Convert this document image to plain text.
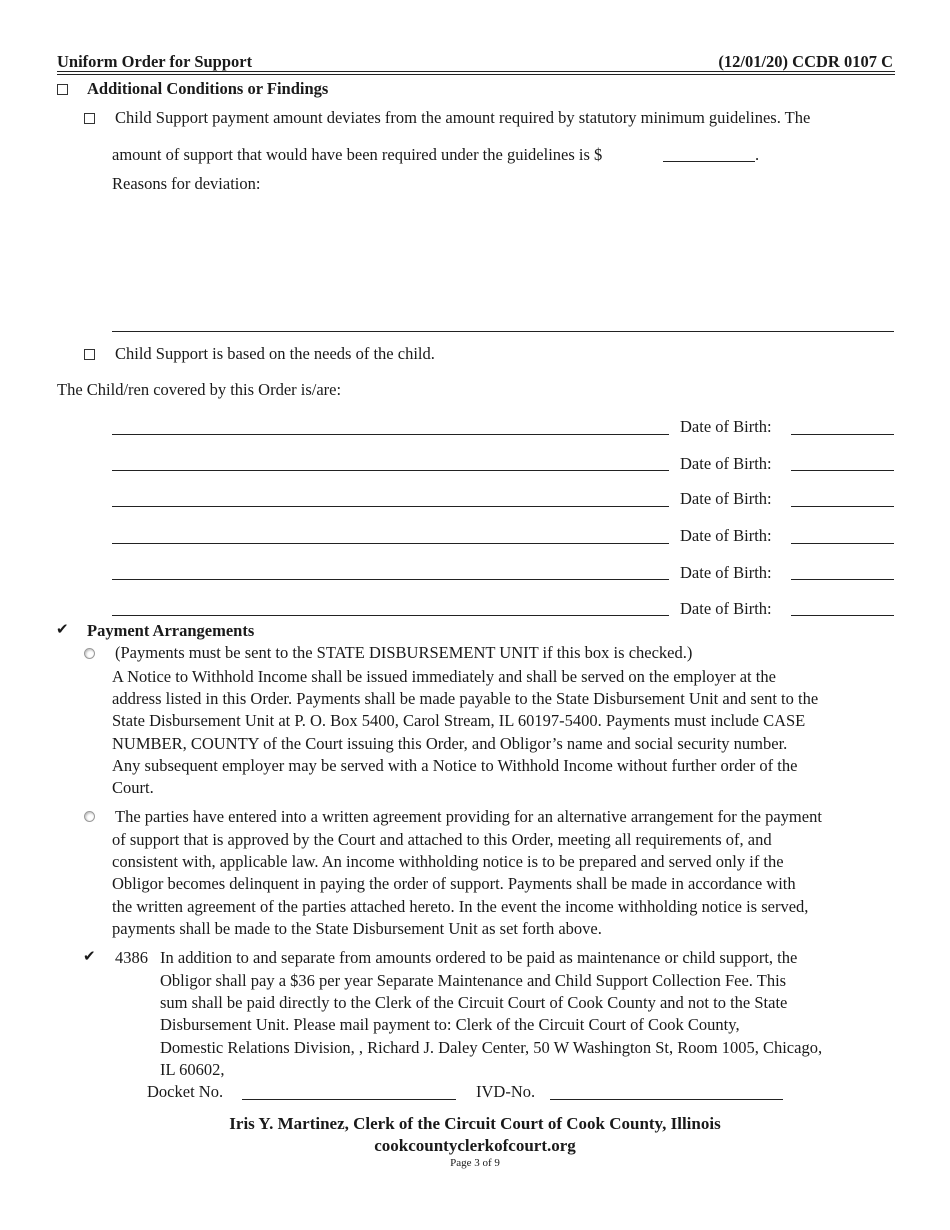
Uniform Order for Support	(12/01/20) CCDR 0107 C
Additional Conditions or Findings
Child Support payment amount deviates from the amount required by statutory minimum guidelines. The
amount of support that would have been required under the guidelines is $	.
Reasons for deviation:
Child Support is based on the needs of the child.
The Child/ren covered by this Order is/are:
Date of Birth:
Date of Birth:
Date of Birth:
Date of Birth:
Date of Birth:
Date of Birth:
✔ Payment Arrangements
(Payments must be sent to the STATE DISBURSEMENT UNIT if this box is checked.)
A Notice to Withhold Income shall be issued immediately and shall be served on the employer at the
address listed in this Order. Payments shall be made payable to the State Disbursement Unit and sent to the
State Disbursement Unit at P. O. Box 5400, Carol Stream, IL 60197-5400. Payments must include CASE
NUMBER, COUNTY of the Court issuing this Order, and Obligor’s name and social security number.
Any subsequent employer may be served with a Notice to Withhold Income without further order of the
Court.
The parties have entered into a written agreement providing for an alternative arrangement for the payment
of support that is approved by the Court and attached to this Order, meeting all requirements of, and
consistent with, applicable law. An income withholding notice is to be prepared and served only if the
Obligor becomes delinquent in paying the order of support. Payments shall be made in accordance with
the written agreement of the parties attached hereto. In the event the income withholding notice is served,
payments shall be made to the State Disbursement Unit as set forth above.
✔ 4386 In addition to and separate from amounts ordered to be paid as maintenance or child support, the
Obligor shall pay a $36 per year Separate Maintenance and Child Support Collection Fee. This
sum shall be paid directly to the Clerk of the Circuit Court of Cook County and not to the State
Disbursement Unit. Please mail payment to: Clerk of the Circuit Court of Cook County,
Domestic Relations Division, , Richard J. Daley Center, 50 W Washington St, Room 1005, Chicago,
IL 60602,
Docket No.	IVD-No.
Iris Y. Martinez, Clerk of the Circuit Court of Cook County, Illinois
cookcountyclerkofcourt.org
Page 3 of 9
